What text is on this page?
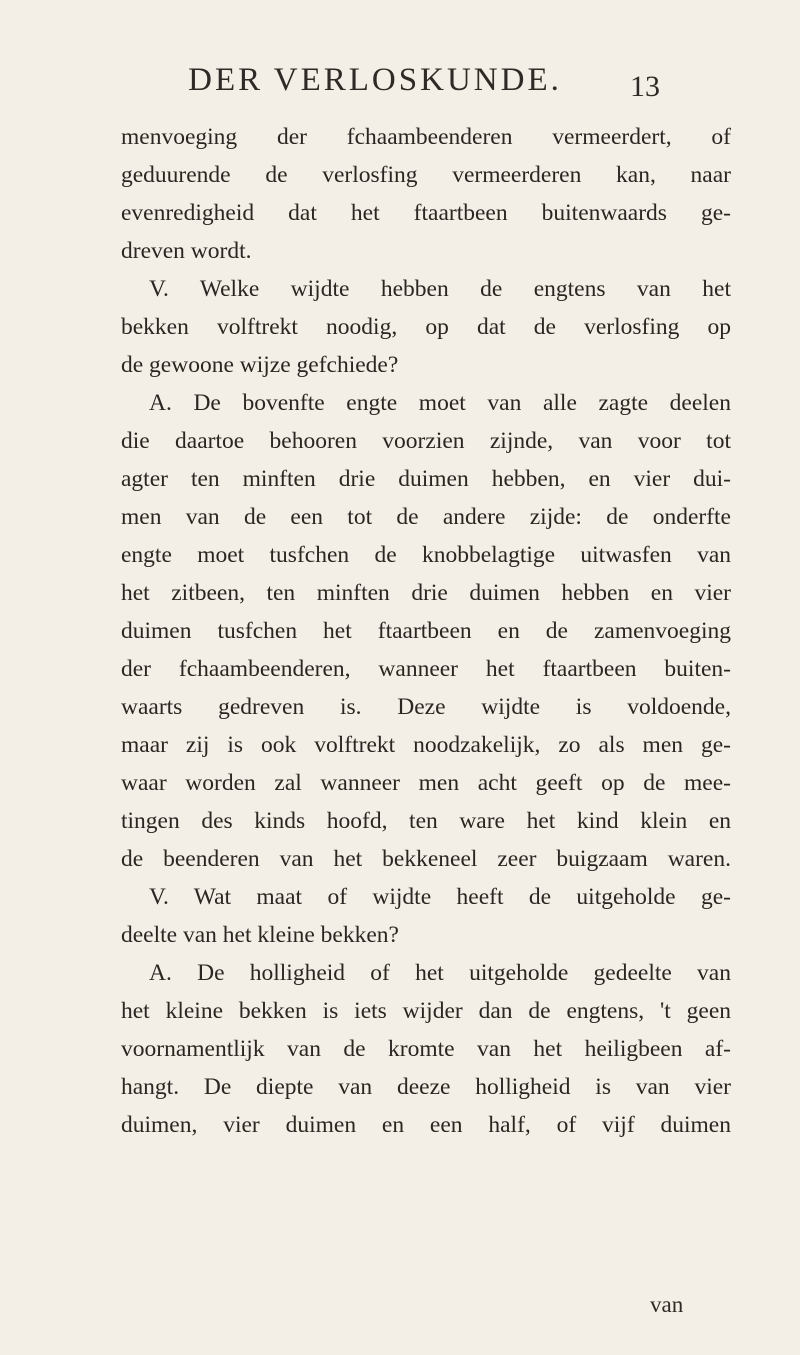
DER VERLOSKUNDE.	13
menvoeging der fchaambeenderen vermeerdert, of
geduurende de verlosfing vermeerderen kan, naar
evenredigheid dat het ftaartbeen buitenwaards ge-
dreven wordt.
V. Welke wijdte hebben de engtens van het
bekken volftrekt noodig, op dat de verlosfing op
de gewoone wijze gefchiede?
A. De bovenfte engte moet van alle zagte deelen
die daartoe behooren voorzien zijnde, van voor tot
agter ten minften drie duimen hebben, en vier dui-
men van de een tot de andere zijde: de onderfte
engte moet tusfchen de knobbelagtige uitwasfen van
het zitbeen, ten minften drie duimen hebben en vier
duimen tusfchen het ftaartbeen en de zamenvoeging
der fchaambeenderen, wanneer het ftaartbeen buiten-
waarts gedreven is. Deze wijdte is voldoende,
maar zij is ook volftrekt noodzakelijk, zo als men ge-
waar worden zal wanneer men acht geeft op de mee-
tingen des kinds hoofd, ten ware het kind klein en
de beenderen van het bekkeneel zeer buigzaam waren.
V. Wat maat of wijdte heeft de uitgeholde ge-
deelte van het kleine bekken?
A. De holligheid of het uitgeholde gedeelte van
het kleine bekken is iets wijder dan de engtens, 't geen
voornamentlijk van de kromte van het heiligbeen af-
hangt. De diepte van deeze holligheid is van vier
duimen, vier duimen en een half, of vijf duimen
van
